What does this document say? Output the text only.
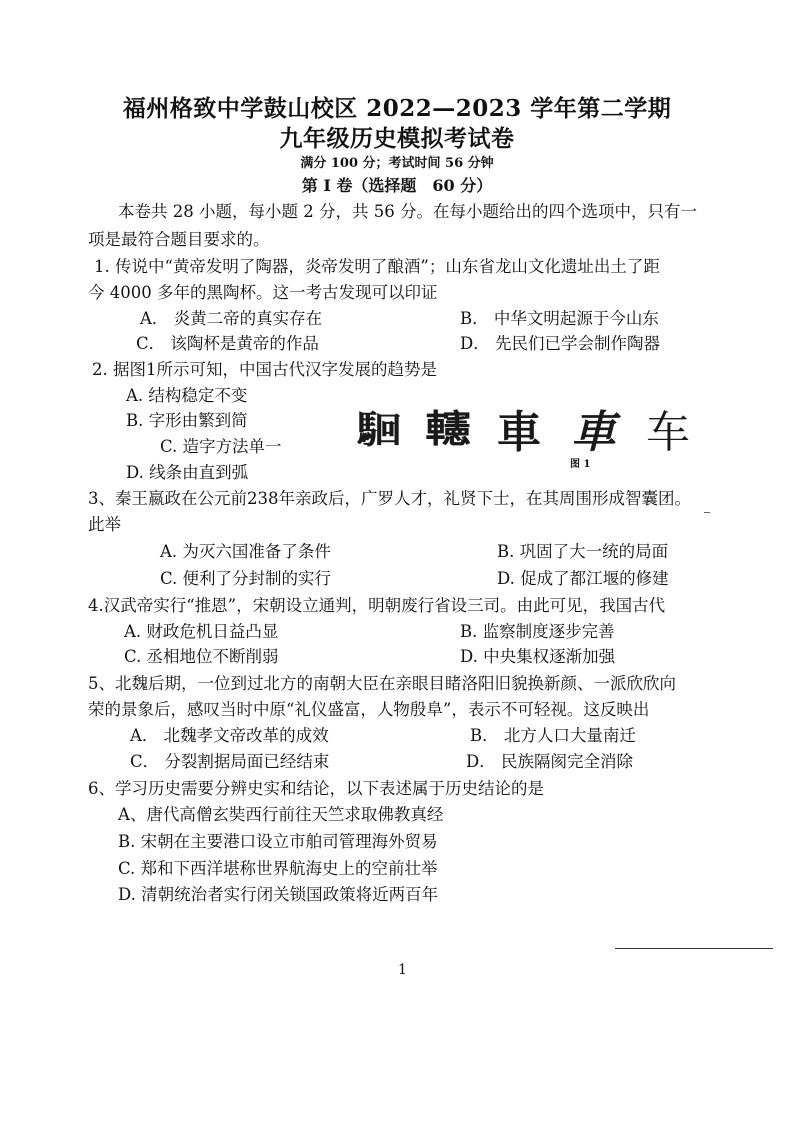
福州格致中学鼓山校区 2022—2023 学年第二学期
九年级历史模拟考试卷
满分 100 分；考试时间 56 分钟
第 I 卷（选择题　60 分）
本卷共 28 小题，每小题 2 分，共 56 分。在每小题给出的四个选项中，只有一
项是最符合题目要求的。
1. 传说中“黄帝发明了陶器，炎帝发明了酿酒”；山东省龙山文化遗址出土了距
今 4000 多年的黑陶杯。这一考古发现可以印证
A． 炎黄二帝的真实存在	B． 中华文明起源于今山东
C． 该陶杯是黄帝的作品	D． 先民们已学会制作陶器
2. 据图1所示可知，中国古代汉字发展的趋势是
A. 结构稳定不变
B. 字形由繁到简
C. 造字方法单一
D. 线条由直到弧
𩢱 𨏥 車 車 车
图 1
3、秦王嬴政在公元前238年亲政后，广罗人才，礼贤下士，在其周围形成智囊团。
此举
A. 为灭六国准备了条件	B. 巩固了大一统的局面
C. 便利了分封制的实行	D. 促成了都江堰的修建
4.汉武帝实行“推恩”，宋朝设立通判，明朝废行省设三司。由此可见，我国古代
A. 财政危机日益凸显	B. 监察制度逐步完善
C. 丞相地位不断削弱	D. 中央集权逐渐加强
5、北魏后期，一位到过北方的南朝大臣在亲眼目睹洛阳旧貌换新颜、一派欣欣向
荣的景象后，感叹当时中原“礼仪盛富，人物殷阜”，表示不可轻视。这反映出
A． 北魏孝文帝改革的成效	B． 北方人口大量南迁
C． 分裂割据局面已经结束	D． 民族隔阂完全消除
6、学习历史需要分辨史实和结论，以下表述属于历史结论的是
A、唐代高僧玄奘西行前往天竺求取佛教真经
B. 宋朝在主要港口设立市舶司管理海外贸易
C. 郑和下西洋堪称世界航海史上的空前壮举
D. 清朝统治者实行闭关锁国政策将近两百年
1
